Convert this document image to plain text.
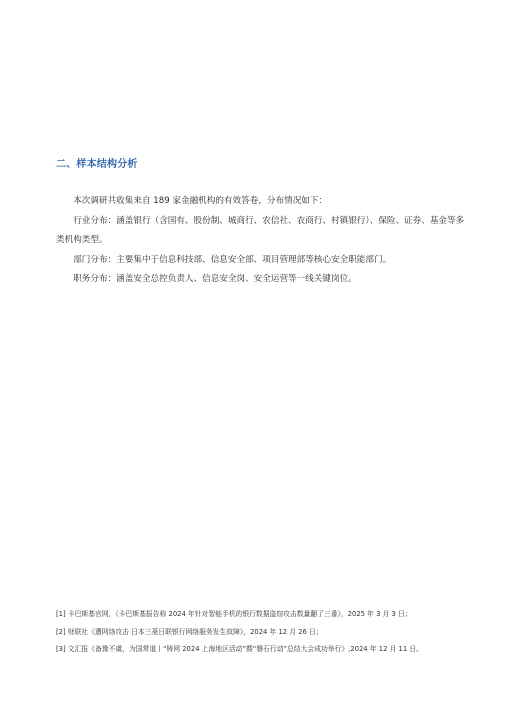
二、样本结构分析

本次调研共收集来自 189 家金融机构的有效答卷，分布情况如下：

行业分布：涵盖银行（含国有、股份制、城商行、农信社、农商行、村镇银行）、保险、证券、基金等多类机构类型。

部门分布：主要集中于信息科技部、信息安全部、项目管理部等核心安全职能部门。

职务分布：涵盖安全总控负责人、信息安全岗、安全运营等一线关键岗位。

[1] 卡巴斯基官网，《卡巴斯基报告称 2024 年针对智能手机的银行数据盗窃攻击数量翻了三番》，2025 年 3 月 3 日；
[2] 财联社《遭网络攻击 日本三菱日联银行网络服务发生故障》，2024 年 12 月 26 日；
[3] 文汇报《备豫不虞，为国常道丨“铸网 2024 上海地区活动”暨“磐石行动”总结大会成功举行》,2024 年 12 月 11 日。
